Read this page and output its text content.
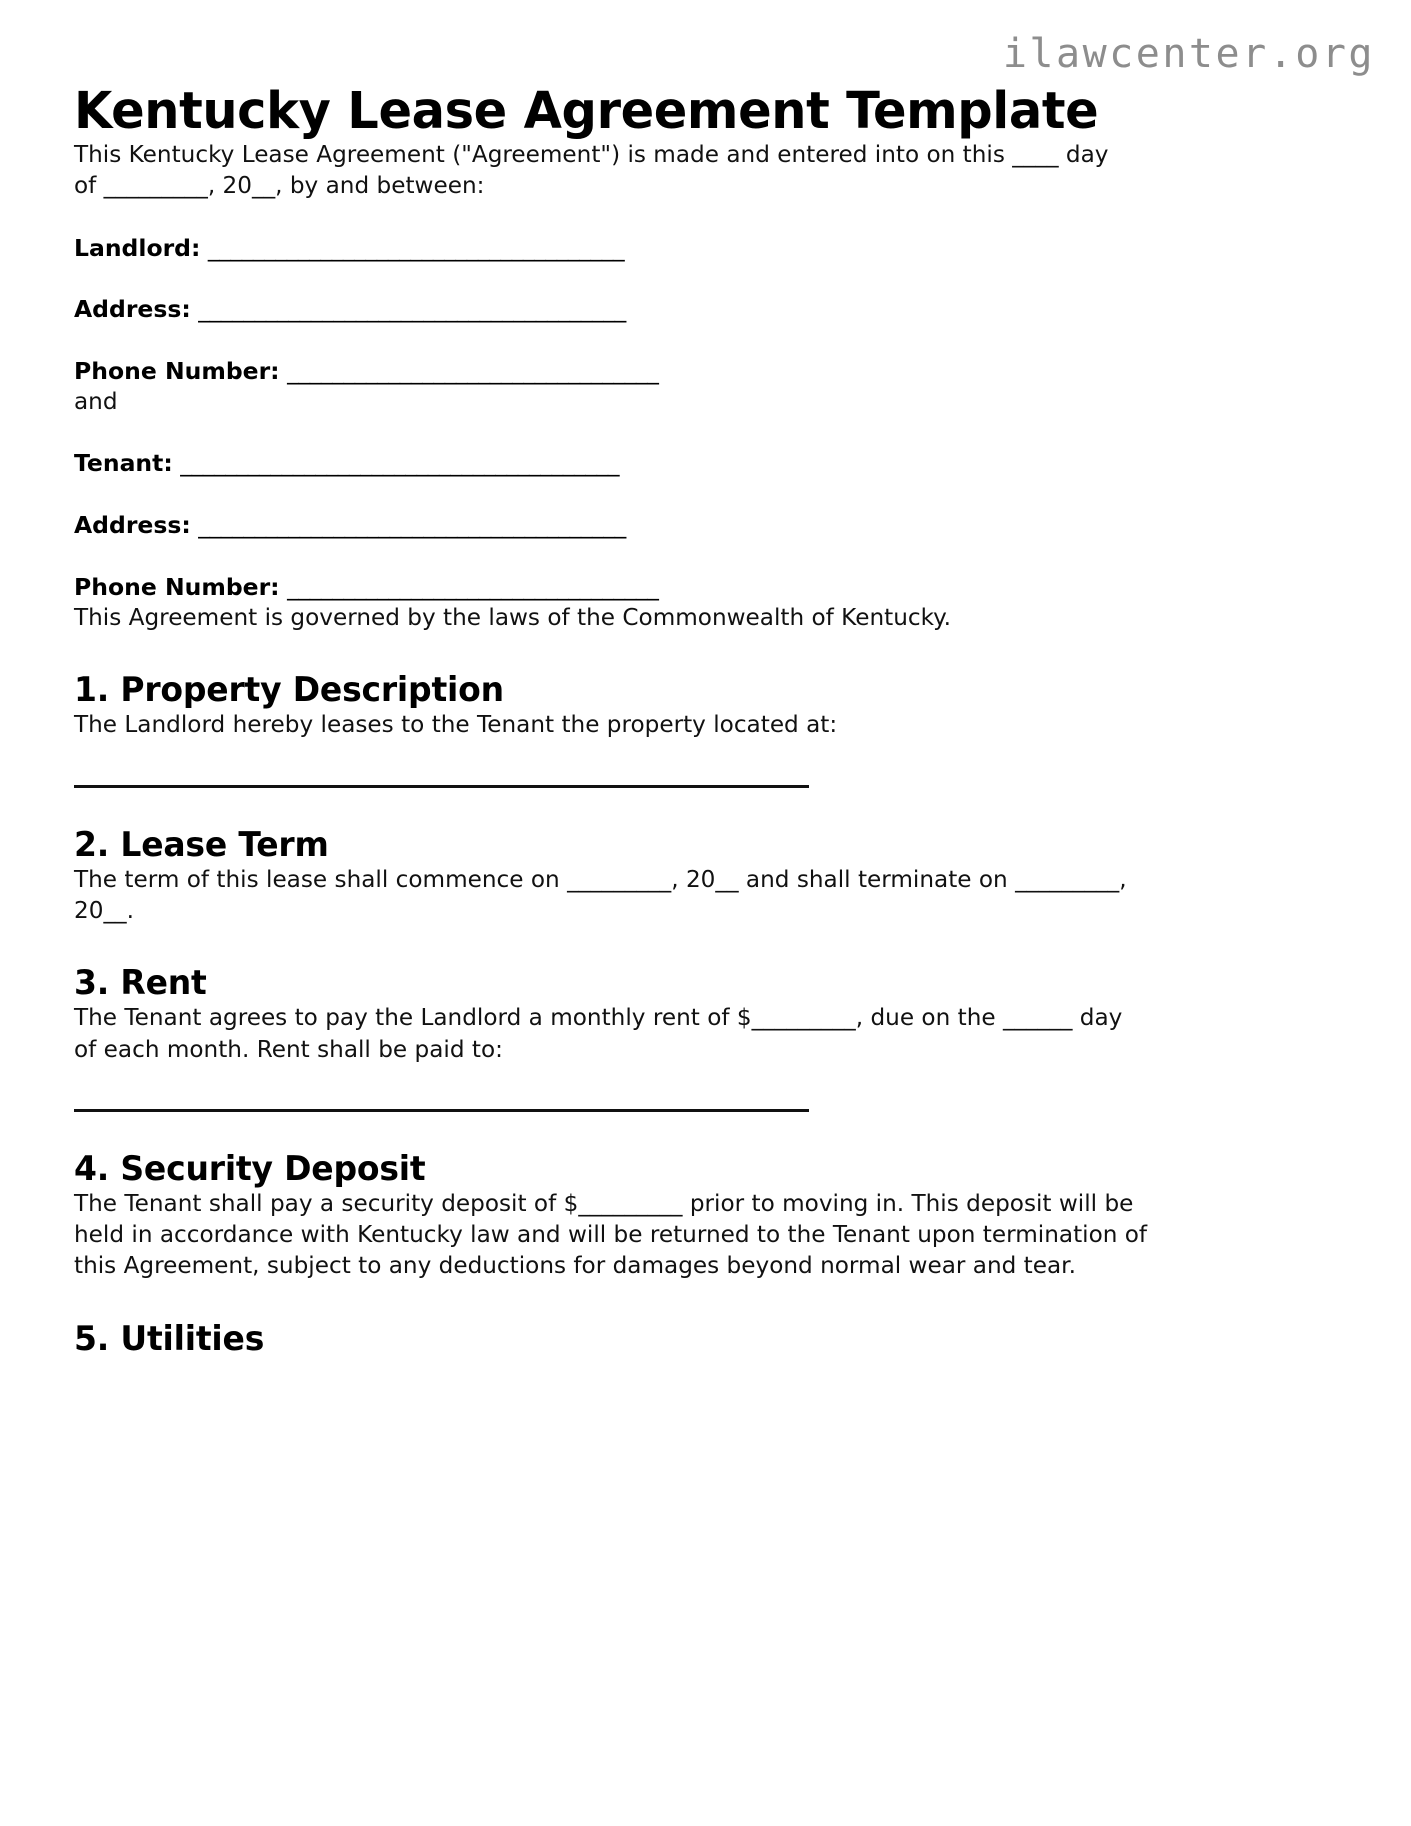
ilawcenter.org
Kentucky Lease Agreement Template

This Kentucky Lease Agreement ("Agreement") is made and entered into on this ____ day of _________, 20__, by and between:

Landlord: _____________________________________
Address: ______________________________________
Phone Number: _________________________________

and

Tenant: _______________________________________
Address: ______________________________________
Phone Number: _________________________________

This Agreement is governed by the laws of the Commonwealth of Kentucky.

1. Property Description

The Landlord hereby leases to the Tenant the property located at:

2. Lease Term

The term of this lease shall commence on _________, 20__ and shall terminate on _________, 20__.

3. Rent

The Tenant agrees to pay the Landlord a monthly rent of $_________, due on the ______ day of each month. Rent shall be paid to:

4. Security Deposit

The Tenant shall pay a security deposit of $_________ prior to moving in. This deposit will be held in accordance with Kentucky law and will be returned to the Tenant upon termination of this Agreement, subject to any deductions for damages beyond normal wear and tear.

5. Utilities
